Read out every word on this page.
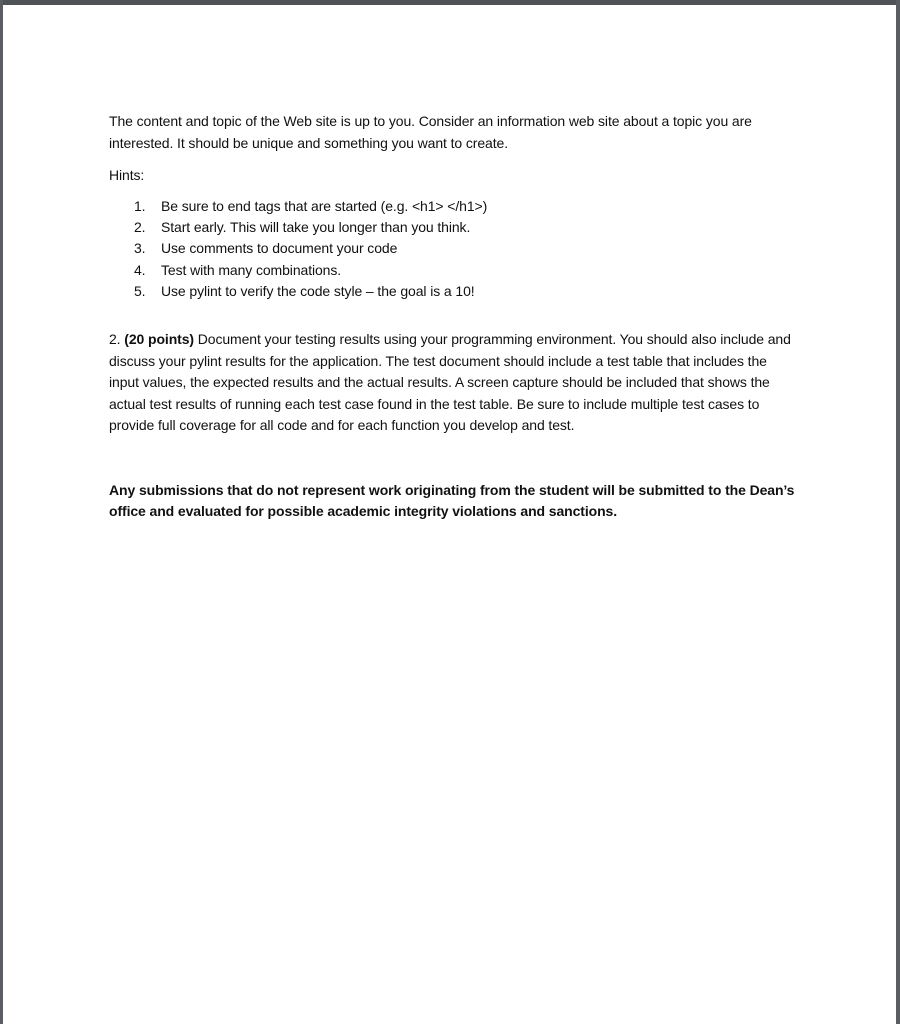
The content and topic of the Web site is up to you. Consider an information web site about a topic you are interested. It should be unique and something you want to create.

Hints:

1. Be sure to end tags that are started (e.g. <h1> </h1>)
2. Start early. This will take you longer than you think.
3. Use comments to document your code
4. Test with many combinations.
5. Use pylint to verify the code style – the goal is a 10!

2. (20 points) Document your testing results using your programming environment. You should also include and discuss your pylint results for the application. The test document should include a test table that includes the input values, the expected results and the actual results. A screen capture should be included that shows the actual test results of running each test case found in the test table. Be sure to include multiple test cases to provide full coverage for all code and for each function you develop and test.

Any submissions that do not represent work originating from the student will be submitted to the Dean’s office and evaluated for possible academic integrity violations and sanctions.
